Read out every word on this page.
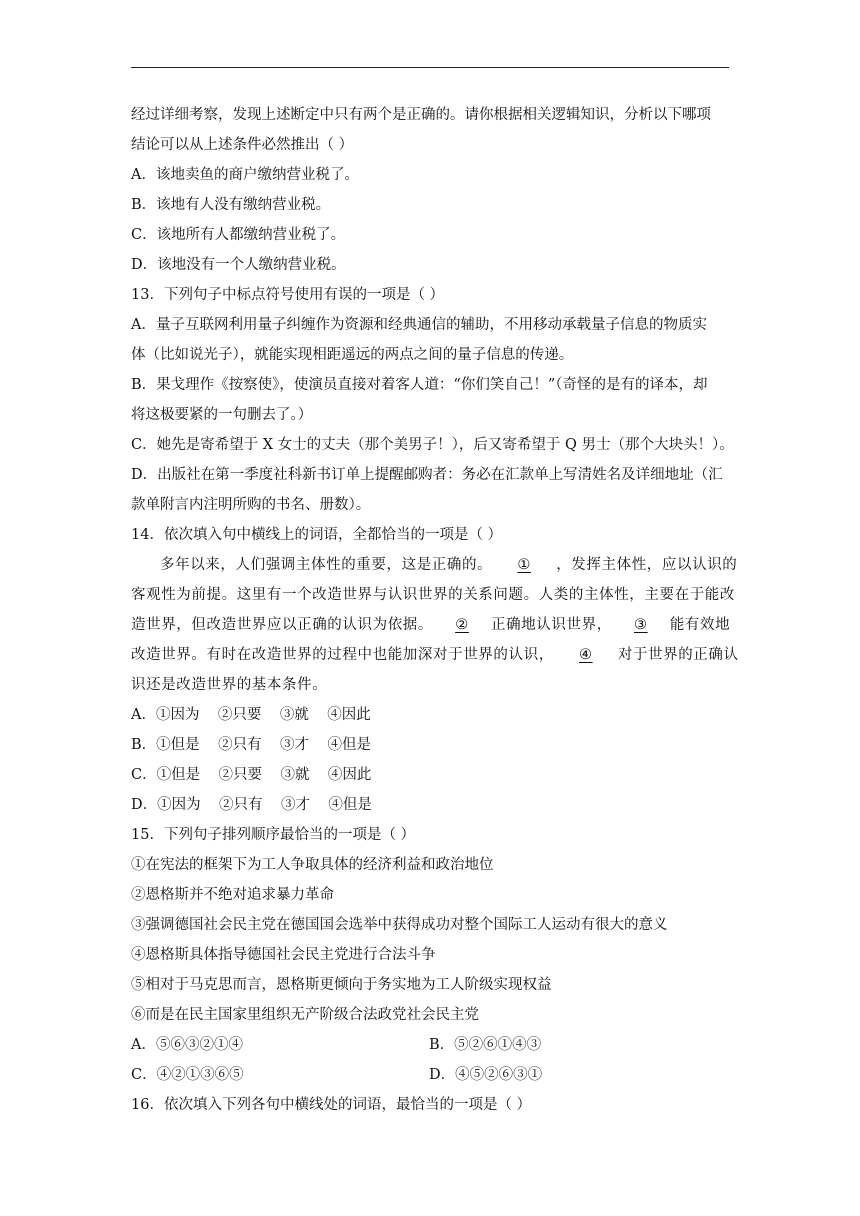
经过详细考察，发现上述断定中只有两个是正确的。请你根据相关逻辑知识，分析以下哪项
结论可以从上述条件必然推出（ ）
A．该地卖鱼的商户缴纳营业税了。
B．该地有人没有缴纳营业税。
C．该地所有人都缴纳营业税了。
D．该地没有一个人缴纳营业税。
13．下列句子中标点符号使用有误的一项是（ ）
A．量子互联网利用量子纠缠作为资源和经典通信的辅助，不用移动承载量子信息的物质实
体（比如说光子），就能实现相距遥远的两点之间的量子信息的传递。
B．果戈理作《按察使》，使演员直接对着客人道：“你们笑自己！”（奇怪的是有的译本，却
将这极要紧的一句删去了。）
C．她先是寄希望于 X 女士的丈夫（那个美男子！），后又寄希望于 Q 男士（那个大块头！）。
D．出版社在第一季度社科新书订单上提醒邮购者：务必在汇款单上写清姓名及详细地址（汇
款单附言内注明所购的书名、册数）。
14．依次填入句中横线上的词语，全都恰当的一项是（ ）
多年以来，人们强调主体性的重要，这是正确的。 ① ，发挥主体性，应以认识的
客观性为前提。这里有一个改造世界与认识世界的关系问题。人类的主体性，主要在于能改
造世界，但改造世界应以正确的认识为依据。 ② 正确地认识世界， ③ 能有效地
改造世界。有时在改造世界的过程中也能加深对于世界的认识， ④ 对于世界的正确认
识还是改造世界的基本条件。
A．①因为    ②只要    ③就    ④因此
B．①但是    ②只有    ③才    ④但是
C．①但是    ②只要    ③就    ④因此
D．①因为    ②只有    ③才    ④但是
15．下列句子排列顺序最恰当的一项是（ ）
①在宪法的框架下为工人争取具体的经济利益和政治地位
②恩格斯并不绝对追求暴力革命
③强调德国社会民主党在德国国会选举中获得成功对整个国际工人运动有很大的意义
④恩格斯具体指导德国社会民主党进行合法斗争
⑤相对于马克思而言，恩格斯更倾向于务实地为工人阶级实现权益
⑥而是在民主国家里组织无产阶级合法政党社会民主党
A．⑤⑥③②①④	B．⑤②⑥①④③
C．④②①③⑥⑤	D．④⑤②⑥③①
16．依次填入下列各句中横线处的词语，最恰当的一项是（ ）
